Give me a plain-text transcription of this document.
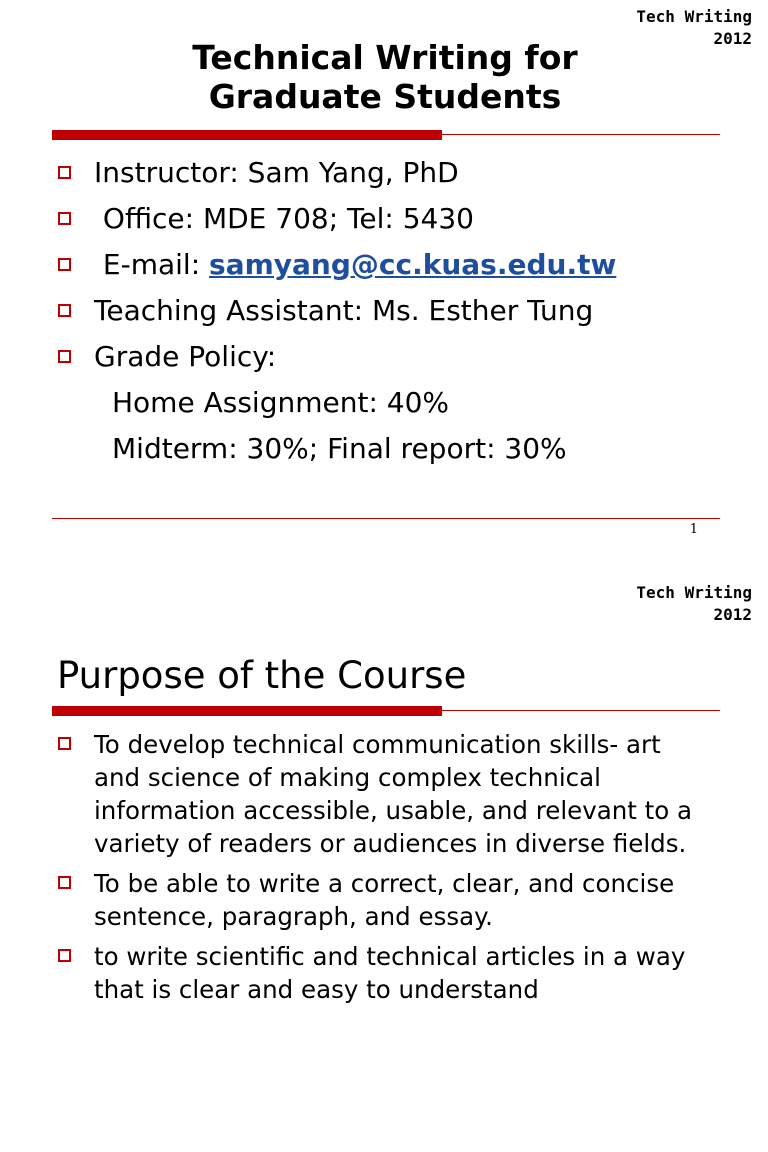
Tech Writing
2012
Technical Writing for
Graduate Students
Instructor: Sam Yang, PhD
Office: MDE 708; Tel: 5430
E-mail: samyang@cc.kuas.edu.tw
Teaching Assistant: Ms. Esther Tung
Grade Policy:
Home Assignment: 40%
Midterm: 30%; Final report: 30%
1
Tech Writing
2012
Purpose of the Course
To develop technical communication skills- art and science of making complex technical information accessible, usable, and relevant to a variety of readers or audiences in diverse fields.
To be able to write a correct, clear, and concise sentence, paragraph, and essay.
to write scientific and technical articles in a way that is clear and easy to understand
